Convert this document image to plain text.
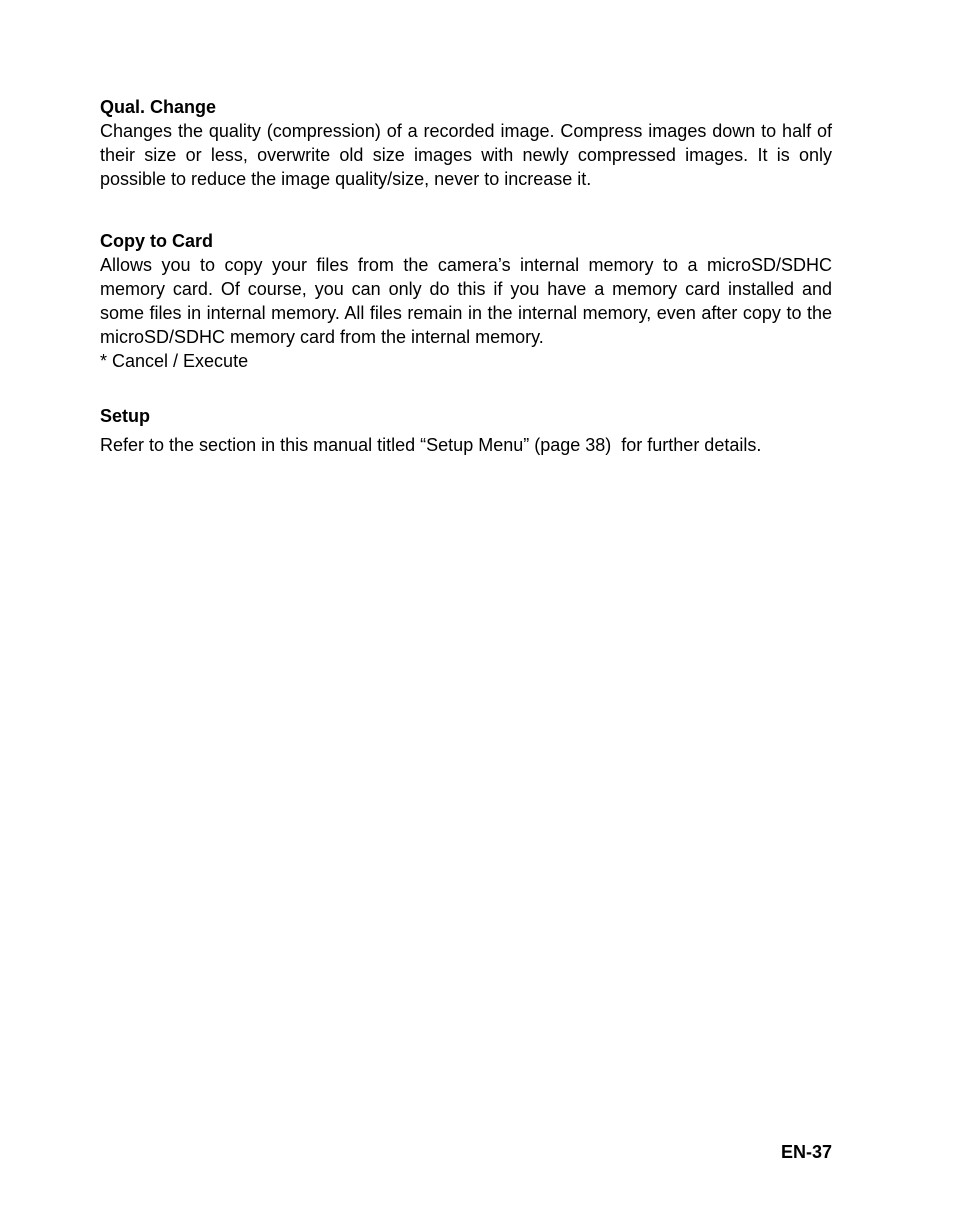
Qual. Change

Changes the quality (compression) of a recorded image. Compress images down to half of their size or less, overwrite old size images with newly compressed images. It is only possible to reduce the image quality/size, never to increase it.

Copy to Card

Allows you to copy your files from the camera’s internal memory to a microSD/SDHC memory card. Of course, you can only do this if you have a memory card installed and some files in internal memory. All files remain in the internal memory, even after copy to the microSD/SDHC memory card from the internal memory.

* Cancel / Execute

Setup

Refer to the section in this manual titled “Setup Menu” (page 38)  for further details.

EN-37
